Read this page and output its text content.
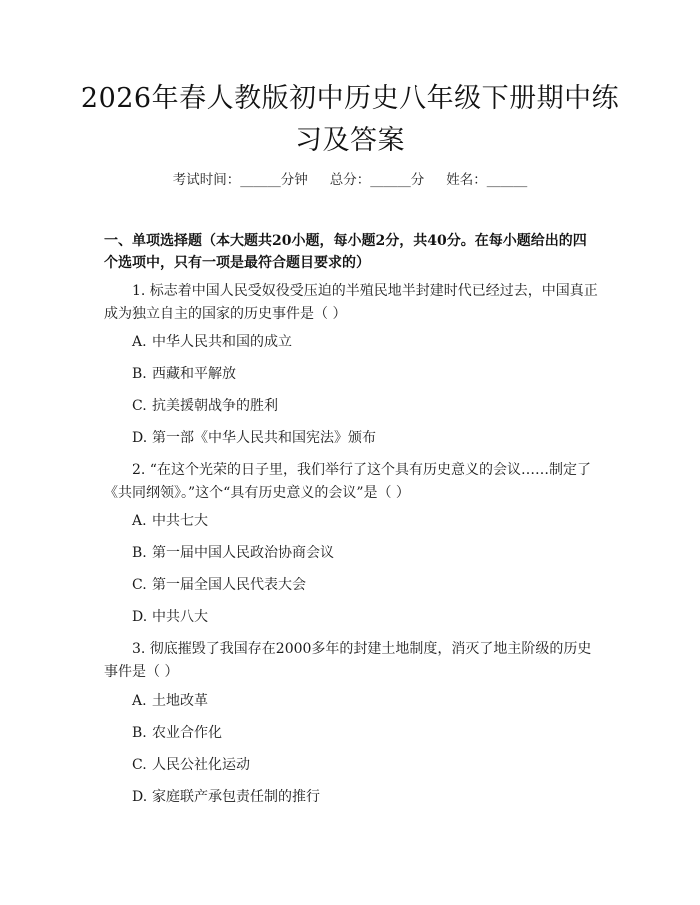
2026年春人教版初中历史八年级下册期中练
习及答案
考试时间：______分钟 总分：______分 姓名：______
一、单项选择题（本大题共20小题，每小题2分，共40分。在每小题给出的四个选项中，只有一项是最符合题目要求的）
1. 标志着中国人民受奴役受压迫的半殖民地半封建时代已经过去，中国真正成为独立自主的国家的历史事件是（ ）
A. 中华人民共和国的成立
B. 西藏和平解放
C. 抗美援朝战争的胜利
D. 第一部《中华人民共和国宪法》颁布
2. “在这个光荣的日子里，我们举行了这个具有历史意义的会议……制定了《共同纲领》。”这个“具有历史意义的会议”是（ ）
A. 中共七大
B. 第一届中国人民政治协商会议
C. 第一届全国人民代表大会
D. 中共八大
3. 彻底摧毁了我国存在2000多年的封建土地制度，消灭了地主阶级的历史事件是（ ）
A. 土地改革
B. 农业合作化
C. 人民公社化运动
D. 家庭联产承包责任制的推行
